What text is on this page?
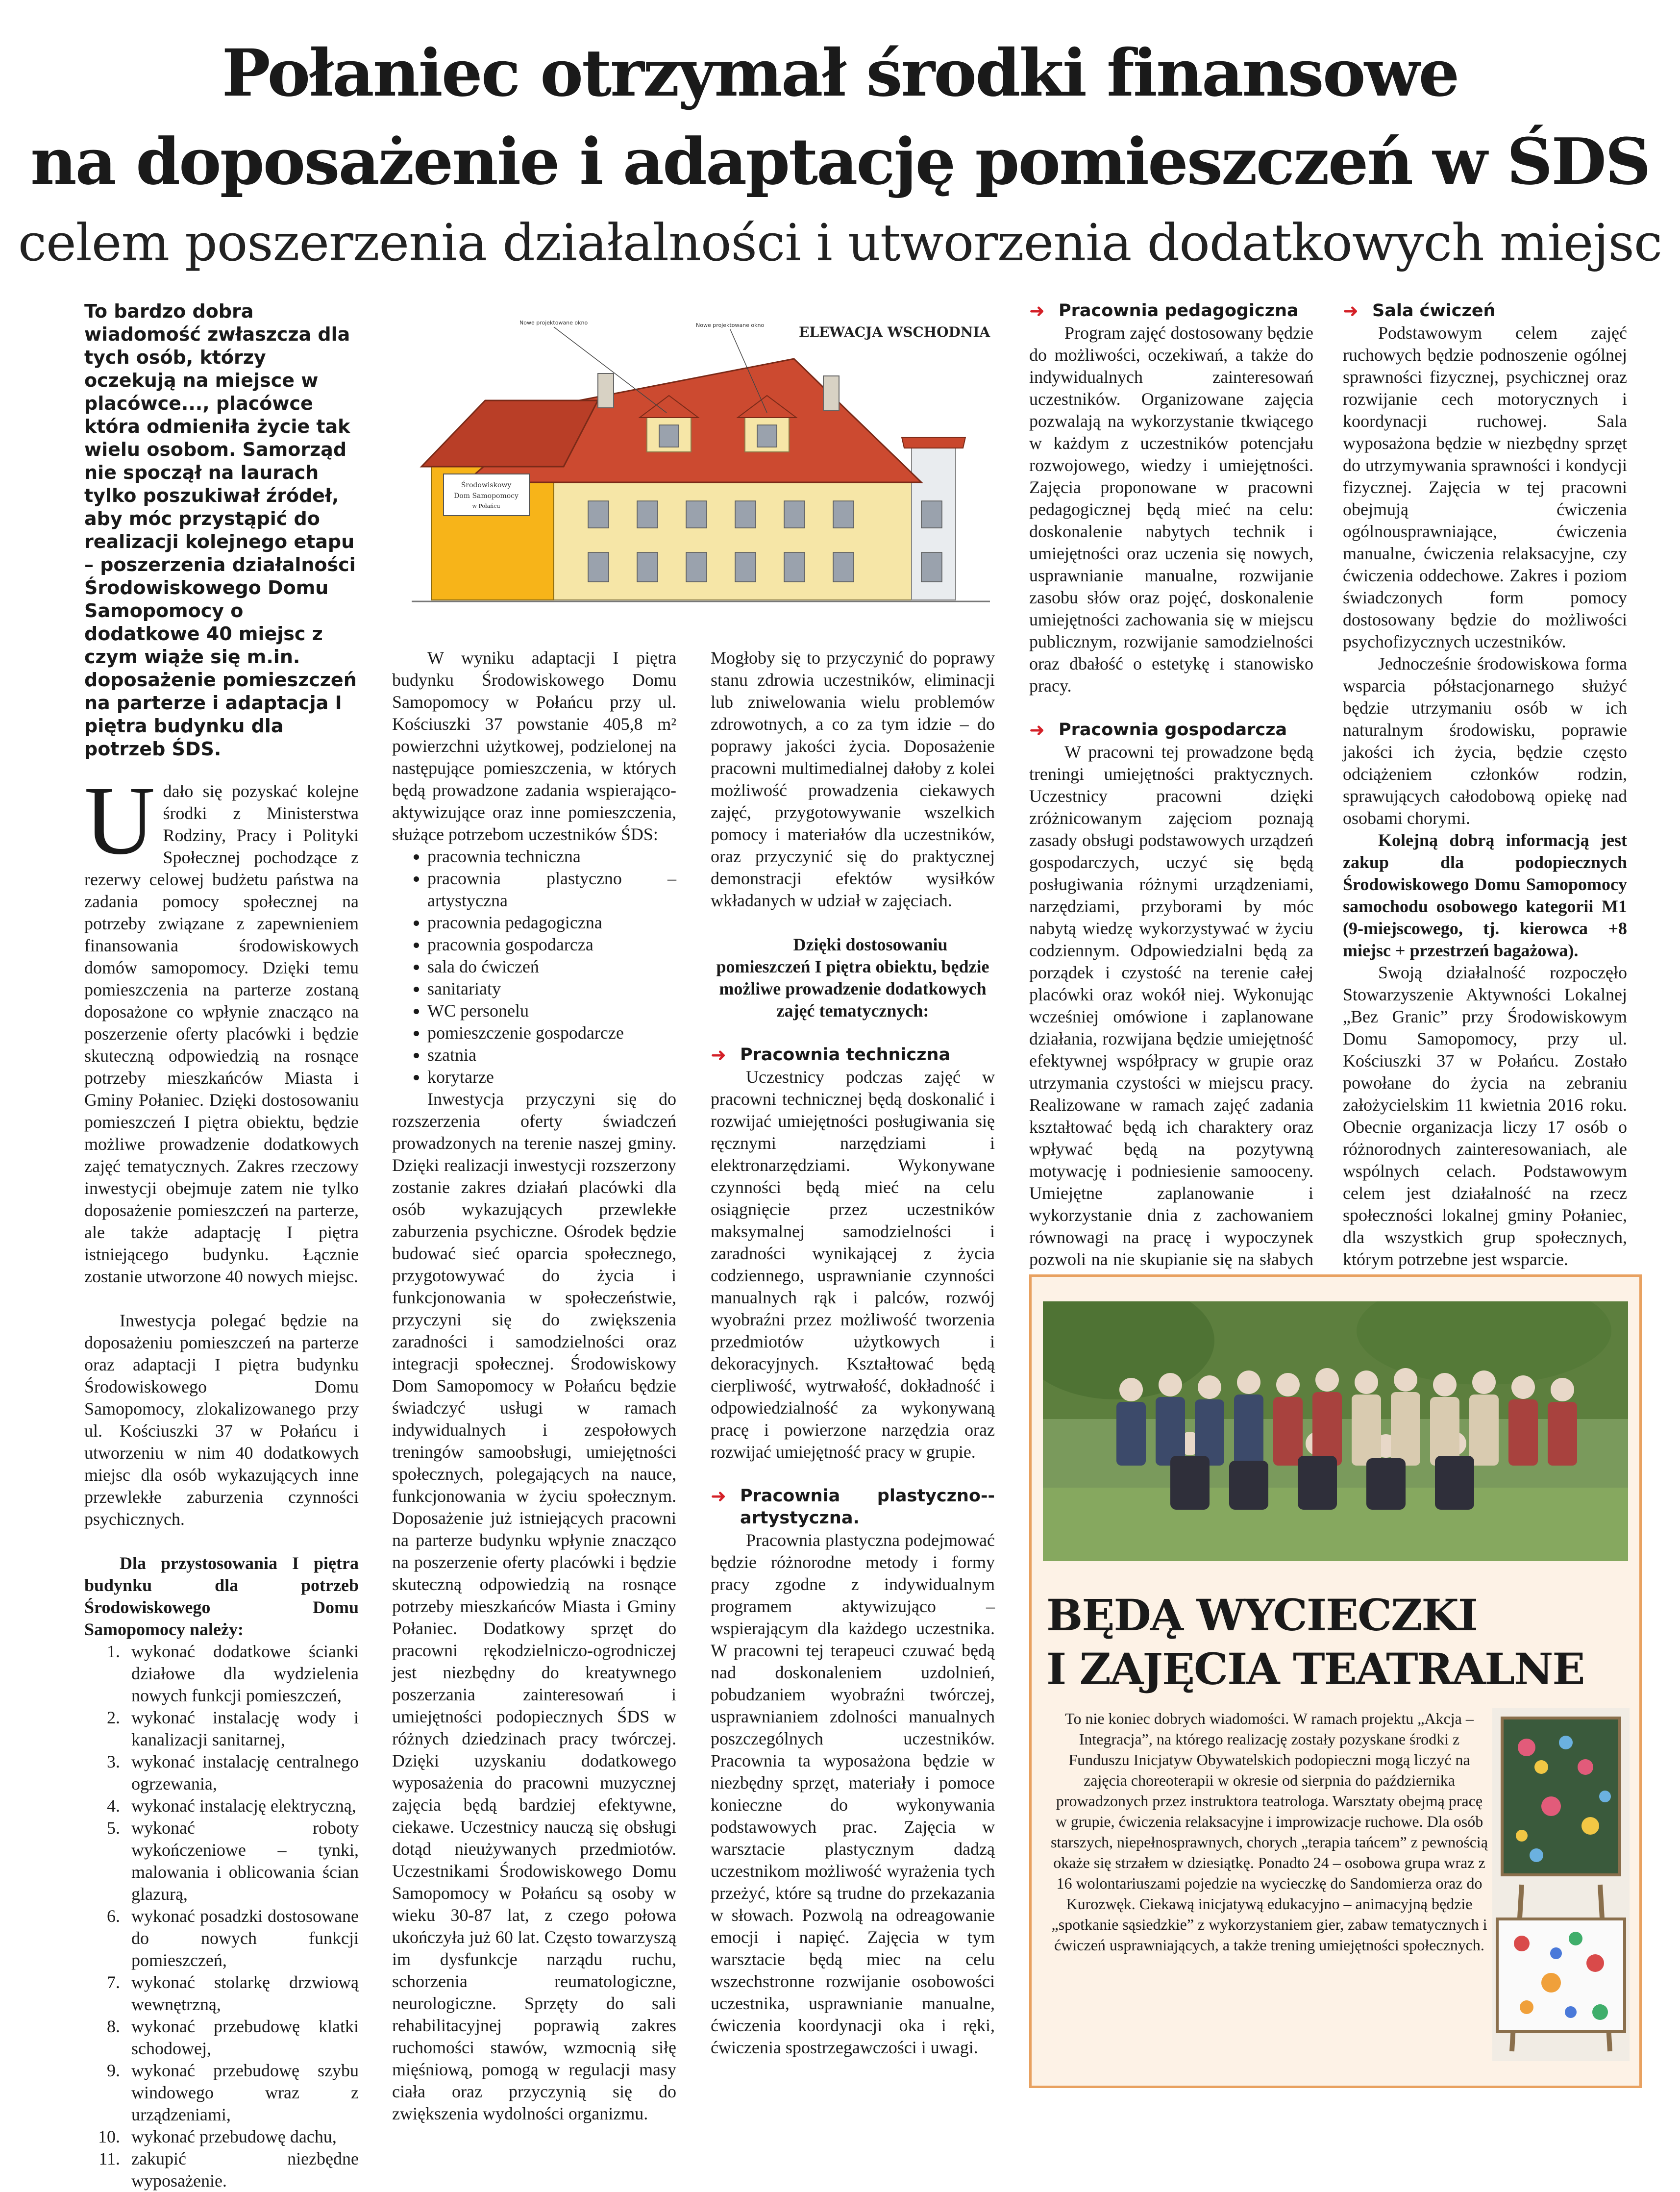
Połaniec otrzymał środki finansowe
na doposażenie i adaptację pomieszczeń w ŚDS
celem poszerzenia działalności i utworzenia dodatkowych miejsc
Środowiskowy
Dom Samopomocy
w Połańcu
ELEWACJA WSCHODNIA
Nowe projektowane okno	Nowe projektowane okno

To bardzo dobra wiadomość zwłaszcza dla tych osób, którzy oczekują na miejsce w placówce..., placówce która odmieniła życie tak wielu osobom. Samorząd nie spoczął na laurach tylko poszukiwał źródeł, aby móc przystąpić do realizacji kolejnego etapu – poszerzenia działalności Środowiskowego Domu Samopomocy o dodatkowe 40 miejsc z czym wiąże się m.in. doposażenie pomieszczeń na parterze i adaptacja I piętra budynku dla potrzeb ŚDS.

Udało się pozyskać kolejne środki z Ministerstwa Rodziny, Pracy i Polityki Społecznej pochodzące z rezerwy celowej budżetu państwa na zadania pomocy społecznej na potrzeby związane z zapewnieniem finansowania środowiskowych domów samopomocy. Dzięki temu pomieszczenia na parterze zostaną doposażone co wpłynie znacząco na poszerzenie oferty placówki i będzie skuteczną odpowiedzią na rosnące potrzeby mieszkańców Miasta i Gminy Połaniec. Dzięki dostosowaniu pomieszczeń I piętra obiektu, będzie możliwe prowadzenie dodatkowych zajęć tematycznych. Zakres rzeczowy inwestycji obejmuje zatem nie tylko doposażenie pomieszczeń na parterze, ale także adaptację I piętra istniejącego budynku. Łącznie zostanie utworzone 40 nowych miejsc.

Inwestycja polegać będzie na doposażeniu pomieszczeń na parterze oraz adaptacji I piętra budynku Środowiskowego Domu Samopomocy, zlokalizowanego przy ul. Kościuszki 37 w Połańcu i utworzeniu w nim 40 dodatkowych miejsc dla osób wykazujących inne przewlekłe zaburzenia czynności psychicznych.

Dla przystosowania I piętra budynku dla potrzeb Środowiskowego Domu Samopomocy należy:

1. wykonać dodatkowe ścianki działowe dla wydzielenia nowych funkcji pomieszczeń,
2. wykonać instalację wody i kanalizacji sanitarnej,
3. wykonać instalację centralnego ogrzewania,
4. wykonać instalację elektryczną,
5. wykonać roboty wykończeniowe – tynki, malowania i oblicowania ścian glazurą,
6. wykonać posadzki dostosowane do nowych funkcji pomieszczeń,
7. wykonać stolarkę drzwiową wewnętrzną,
8. wykonać przebudowę klatki schodowej,
9. wykonać przebudowę szybu windowego wraz z urządzeniami,
10. wykonać przebudowę dachu,
11. zakupić niezbędne wyposażenie.

W wyniku adaptacji I piętra budynku Środowiskowego Domu Samopomocy w Połańcu przy ul. Kościuszki 37 powstanie 405,8 m² powierzchni użytkowej, podzielonej na następujące pomieszczenia, w których będą prowadzone zadania wspierająco-aktywizujące oraz inne pomieszczenia, służące potrzebom uczestników ŚDS:

• pracownia techniczna
• pracownia plastyczno – artystyczna
• pracownia pedagogiczna
• pracownia gospodarcza
• sala do ćwiczeń
• sanitariaty
• WC personelu
• pomieszczenie gospodarcze
• szatnia
• korytarze

Inwestycja przyczyni się do rozszerzenia oferty świadczeń prowadzonych na terenie naszej gminy. Dzięki realizacji inwestycji rozszerzony zostanie zakres działań placówki dla osób wykazujących przewlekłe zaburzenia psychiczne. Ośrodek będzie budować sieć oparcia społecznego, przygotowywać do życia i funkcjonowania w społeczeństwie, przyczyni się do zwiększenia zaradności i samodzielności oraz integracji społecznej. Środowiskowy Dom Samopomocy w Połańcu będzie świadczyć usługi w ramach indywidualnych i zespołowych treningów samoobsługi, umiejętności społecznych, polegających na nauce, funkcjonowania w życiu społecznym. Doposażenie już istniejących pracowni na parterze budynku wpłynie znacząco na poszerzenie oferty placówki i będzie skuteczną odpowiedzią na rosnące potrzeby mieszkańców Miasta i Gminy Połaniec. Dodatkowy sprzęt do pracowni rękodzielniczo-ogrodniczej jest niezbędny do kreatywnego poszerzania zainteresowań i umiejętności podopiecznych ŚDS w różnych dziedzinach pracy twórczej. Dzięki uzyskaniu dodatkowego wyposażenia do pracowni muzycznej zajęcia będą bardziej efektywne, ciekawe. Uczestnicy nauczą się obsługi dotąd nieużywanych przedmiotów. Uczestnikami Środowiskowego Domu Samopomocy w Połańcu są osoby w wieku 30-87 lat, z czego połowa ukończyła już 60 lat. Często towarzyszą im dysfunkcje narządu ruchu, schorzenia reumatologiczne, neurologiczne. Sprzęty do sali rehabilitacyjnej poprawią zakres ruchomości stawów, wzmocnią siłę mięśniową, pomogą w regulacji masy ciała oraz przyczynią się do zwiększenia wydolności organizmu.

Mogłoby się to przyczynić do poprawy stanu zdrowia uczestników, eliminacji lub zniwelowania wielu problemów zdrowotnych, a co za tym idzie – do poprawy jakości życia. Doposażenie pracowni multimedialnej dałoby z kolei możliwość prowadzenia ciekawych zajęć, przygotowywanie wszelkich pomocy i materiałów dla uczestników, oraz przyczynić się do praktycznej demonstracji efektów wysiłków wkładanych w udział w zajęciach.

Dzięki dostosowaniu pomieszczeń I piętra obiektu, będzie możliwe prowadzenie dodatkowych zajęć tematycznych:

➜ Pracownia techniczna

Uczestnicy podczas zajęć w pracowni technicznej będą doskonalić i rozwijać umiejętności posługiwania się ręcznymi narzędziami i elektronarzędziami. Wykonywane czynności będą mieć na celu osiągnięcie przez uczestników maksymalnej samodzielności i zaradności wynikającej z życia codziennego, usprawnianie czynności manualnych rąk i palców, rozwój wyobraźni przez możliwość tworzenia przedmiotów użytkowych i dekoracyjnych. Kształtować będą cierpliwość, wytrwałość, dokładność i odpowiedzialność za wykonywaną pracę i powierzone narzędzia oraz rozwijać umiejętność pracy w grupie.

➜ Pracownia plastyczno--artystyczna.

Pracownia plastyczna podejmować będzie różnorodne metody i formy pracy zgodne z indywidualnym programem aktywizująco – wspierającym dla każdego uczestnika. W pracowni tej terapeuci czuwać będą nad doskonaleniem uzdolnień, pobudzaniem wyobraźni twórczej, usprawnianiem zdolności manualnych poszczególnych uczestników. Pracownia ta wyposażona będzie w niezbędny sprzęt, materiały i pomoce konieczne do wykonywania podstawowych prac. Zajęcia w warsztacie plastycznym dadzą uczestnikom możliwość wyrażenia tych przeżyć, które są trudne do przekazania w słowach. Pozwolą na odreagowanie emocji i napięć. Zajęcia w tym warsztacie będą miec na celu wszechstronne rozwijanie osobowości uczestnika, usprawnianie manualne, ćwiczenia koordynacji oka i ręki, ćwiczenia spostrzegawczości i uwagi.

➜ Pracownia pedagogiczna

Program zajęć dostosowany będzie do możliwości, oczekiwań, a także do indywidualnych zainteresowań uczestników. Organizowane zajęcia pozwalają na wykorzystanie tkwiącego w każdym z uczestników potencjału rozwojowego, wiedzy i umiejętności. Zajęcia proponowane w pracowni pedagogicznej będą mieć na celu: doskonalenie nabytych technik i umiejętności oraz uczenia się nowych, usprawnianie manualne, rozwijanie zasobu słów oraz pojęć, doskonalenie umiejętności zachowania się w miejscu publicznym, rozwijanie samodzielności oraz dbałość o estetykę i stanowisko pracy.

➜ Pracownia gospodarcza

W pracowni tej prowadzone będą treningi umiejętności praktycznych. Uczestnicy pracowni dzięki zróżnicowanym zajęciom poznają zasady obsługi podstawowych urządzeń gospodarczych, uczyć się będą posługiwania różnymi urządzeniami, narzędziami, przyborami by móc nabytą wiedzę wykorzystywać w życiu codziennym. Odpowiedzialni będą za porządek i czystość na terenie całej placówki oraz wokół niej. Wykonując wcześniej omówione i zaplanowane działania, rozwijana będzie umiejętność efektywnej współpracy w grupie oraz utrzymania czystości w miejscu pracy. Realizowane w ramach zajęć zadania kształtować będą ich charaktery oraz wpływać będą na pozytywną motywację i podniesienie samooceny. Umiejętne zaplanowanie i wykorzystanie dnia z zachowaniem równowagi na pracę i wypoczynek pozwoli na nie skupianie się na słabych

➜ Sala ćwiczeń

Podstawowym celem zajęć ruchowych będzie podnoszenie ogólnej sprawności fizycznej, psychicznej oraz rozwijanie cech motorycznych i koordynacji ruchowej. Sala wyposażona będzie w niezbędny sprzęt do utrzymywania sprawności i kondycji fizycznej. Zajęcia w tej pracowni obejmują ćwiczenia ogólnousprawniające, ćwiczenia manualne, ćwiczenia relaksacyjne, czy ćwiczenia oddechowe. Zakres i poziom świadczonych form pomocy dostosowany będzie do możliwości psychofizycznych uczestników.

Jednocześnie środowiskowa forma wsparcia półstacjonarnego służyć będzie utrzymaniu osób w ich naturalnym środowisku, poprawie jakości ich życia, będzie często odciążeniem członków rodzin, sprawujących całodobową opiekę nad osobami chorymi.

Kolejną dobrą informacją jest zakup dla podopiecznych Środowiskowego Domu Samopomocy samochodu osobowego kategorii M1 (9-miejscowego, tj. kierowca +8 miejsc + przestrzeń bagażowa).

Swoją działalność rozpoczęło Stowarzyszenie Aktywności Lokalnej „Bez Granic” przy Środowiskowym Domu Samopomocy, przy ul. Kościuszki 37 w Połańcu. Zostało powołane do życia na zebraniu założycielskim 11 kwietnia 2016 roku. Obecnie organizacja liczy 17 osób o różnorodnych zainteresowaniach, ale wspólnych celach. Podstawowym celem jest działalność na rzecz społeczności lokalnej gminy Połaniec, dla wszystkich grup społecznych, którym potrzebne jest wsparcie.

BĘDĄ WYCIECZKI
I ZAJĘCIA TEATRALNE

To nie koniec dobrych wiadomości. W ramach projektu „Akcja – Integracja”, na którego realizację zostały pozyskane środki z Funduszu Inicjatyw Obywatelskich podopieczni mogą liczyć na zajęcia choreoterapii w okresie od sierpnia do października prowadzonych przez instruktora teatrologa. Warsztaty obejmą pracę w grupie, ćwiczenia relaksacyjne i improwizacje ruchowe. Dla osób starszych, niepełnosprawnych, chorych „terapia tańcem” z pewnością okaże się strzałem w dziesiątkę. Ponadto 24 – osobowa grupa wraz z 16 wolontariuszami pojedzie na wycieczkę do Sandomierza oraz do Kurozwęk. Ciekawą inicjatywą edukacyjno – animacyjną będzie „spotkanie sąsiedzkie” z wykorzystaniem gier, zabaw tematycznych i ćwiczeń usprawniających, a także trening umiejętności społecznych.
